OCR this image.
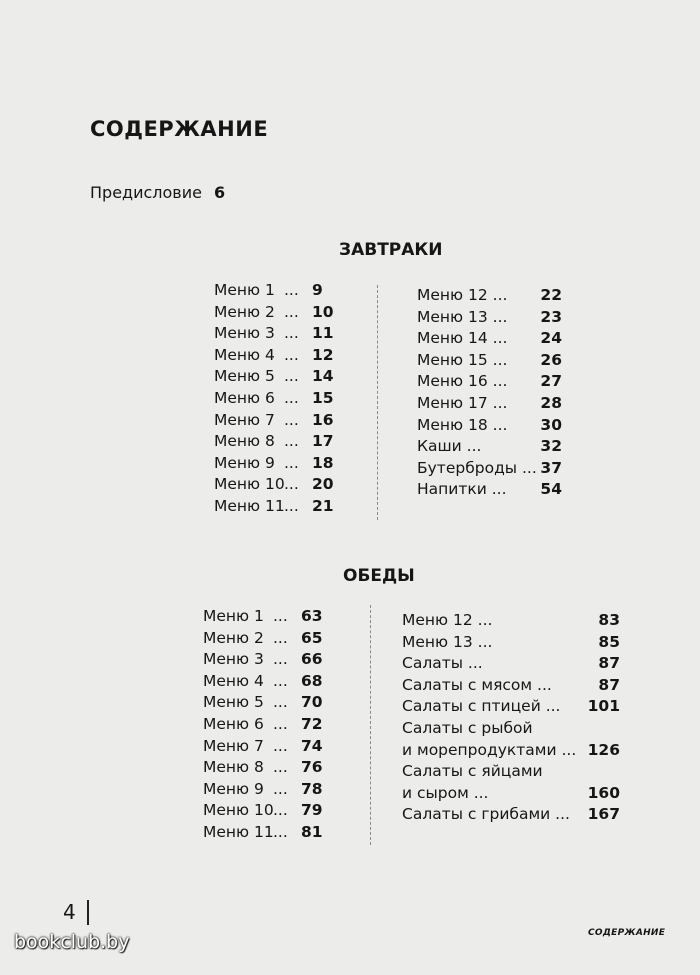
СОДЕРЖАНИЕ
Предисловие 6
ЗАВТРАКИ
Меню 1 ... 9
Меню 2 ... 10
Меню 3 ... 11
Меню 4 ... 12
Меню 5 ... 14
Меню 6 ... 15
Меню 7 ... 16
Меню 8 ... 17
Меню 9 ... 18
Меню 10 ... 20
Меню 11 ... 21
Меню 12 ...	22
Меню 13 ...	23
Меню 14 ...	24
Меню 15 ...	26
Меню 16 ...	27
Меню 17 ...	28
Меню 18 ...	30
Каши ...	32
Бутерброды ... 37
Напитки ...	54
ОБЕДЫ
Меню 1 ... 63
Меню 2 ... 65
Меню 3 ... 66
Меню 4 ... 68
Меню 5 ... 70
Меню 6 ... 72
Меню 7 ... 74
Меню 8 ... 76
Меню 9 ... 78
Меню 10 ... 79
Меню 11 ... 81
Меню 12 ...	83
Меню 13 ...	85
Салаты ...	87
Салаты с мясом ...	87
Салаты с птицей ...	101
Салаты с рыбой
и морепродуктами ... 126
Салаты с яйцами
и сыром ...	160
Салаты с грибами ...	167
4
bookclub.by	СОДЕРЖАНИЕ
